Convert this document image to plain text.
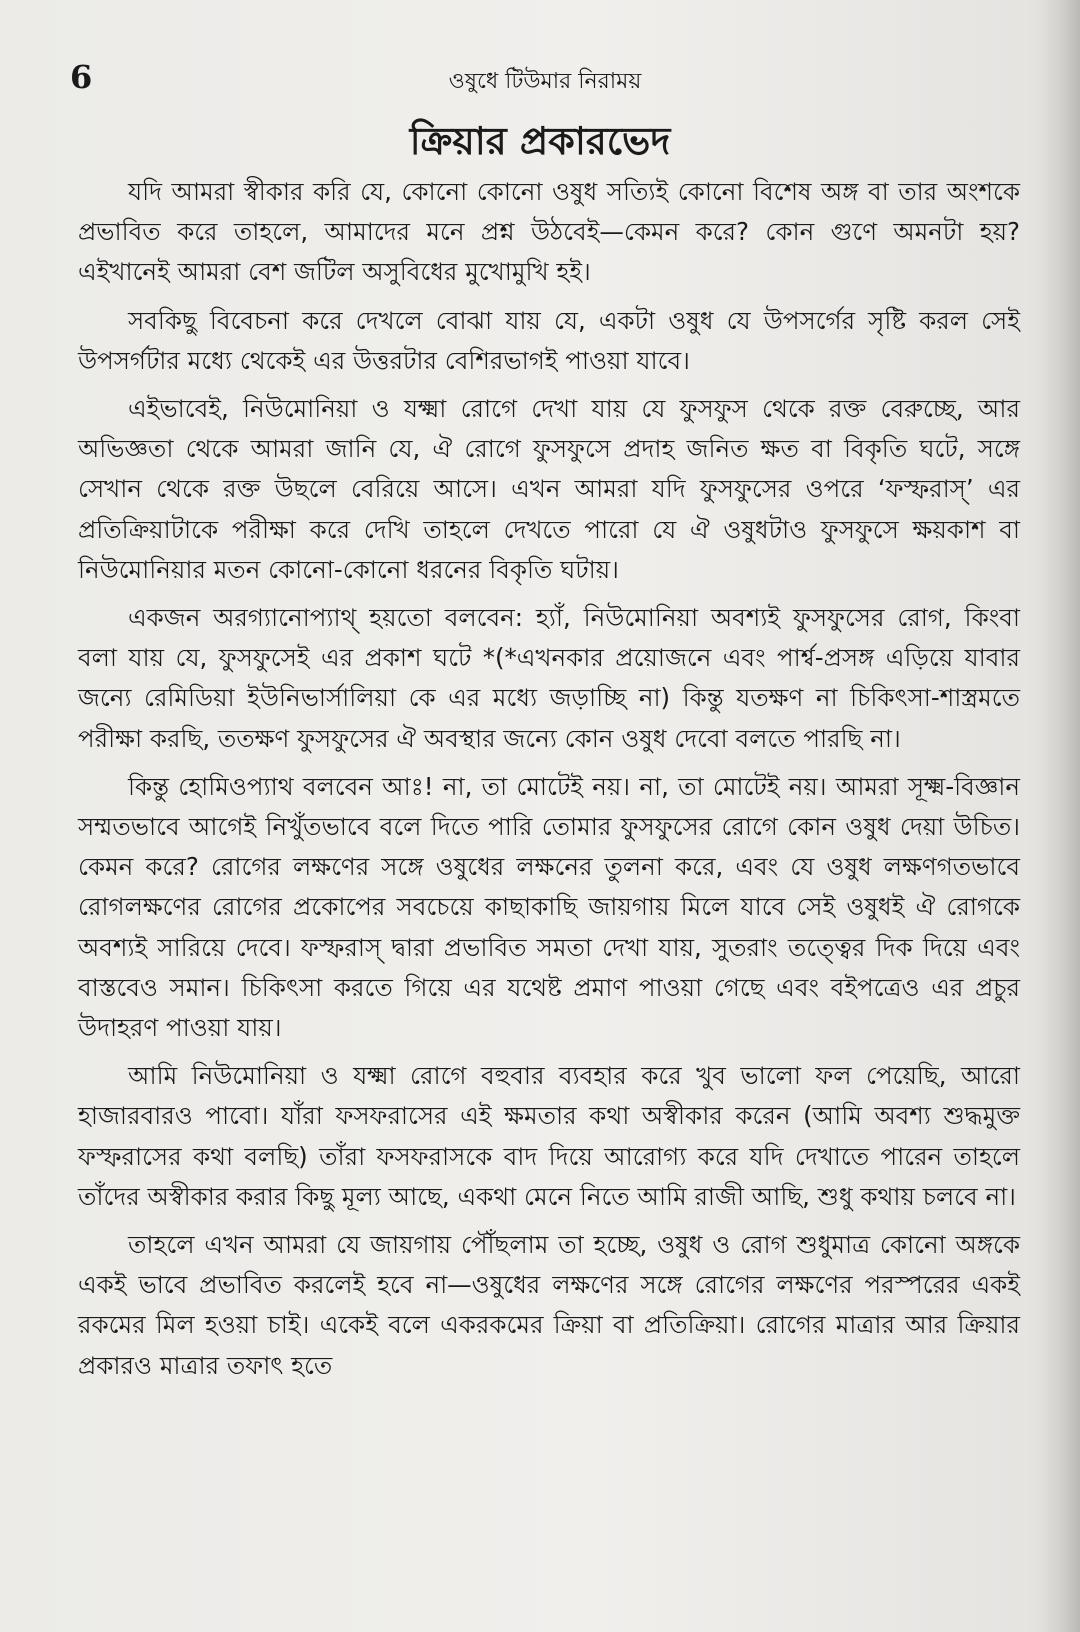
6	ওষুধে টিউমার নিরাময়
ক্রিয়ার প্রকারভেদ

যদি আমরা স্বীকার করি যে, কোনো কোনো ওষুধ সত্যিই কোনো বিশেষ অঙ্গ বা তার অংশকে প্রভাবিত করে তাহলে, আমাদের মনে প্রশ্ন উঠবেই—কেমন করে? কোন গুণে অমনটা হয়? এইখানেই আমরা বেশ জটিল অসুবিধের মুখোমুখি হই।

সবকিছু বিবেচনা করে দেখলে বোঝা যায় যে, একটা ওষুধ যে উপসর্গের সৃষ্টি করল সেই উপসর্গটার মধ্যে থেকেই এর উত্তরটার বেশিরভাগই পাওয়া যাবে।

এইভাবেই, নিউমোনিয়া ও যক্ষ্মা রোগে দেখা যায় যে ফুসফুস থেকে রক্ত বেরুচ্ছে, আর অভিজ্ঞতা থেকে আমরা জানি যে, ঐ রোগে ফুসফুসে প্রদাহ জনিত ক্ষত বা বিকৃতি ঘটে, সঙ্গে সেখান থেকে রক্ত উছলে বেরিয়ে আসে। এখন আমরা যদি ফুসফুসের ওপরে ‘ফস্ফরাস্’ এর প্রতিক্রিয়াটাকে পরীক্ষা করে দেখি তাহলে দেখতে পারো যে ঐ ওষুধটাও ফুসফুসে ক্ষয়কাশ বা নিউমোনিয়ার মতন কোনো-কোনো ধরনের বিকৃতি ঘটায়।

একজন অরগ্যানোপ্যাথ্ হয়তো বলবেন: হ্যাঁ, নিউমোনিয়া অবশ্যই ফুসফুসের রোগ, কিংবা বলা যায় যে, ফুসফুসেই এর প্রকাশ ঘটে *(*এখনকার প্রয়োজনে এবং পার্শ্ব-প্রসঙ্গ এড়িয়ে যাবার জন্যে রেমিডিয়া ইউনিভার্সালিয়া কে এর মধ্যে জড়াচ্ছি না) কিন্তু যতক্ষণ না চিকিৎসা-শাস্ত্রমতে পরীক্ষা করছি, ততক্ষণ ফুসফুসের ঐ অবস্থার জন্যে কোন ওষুধ দেবো বলতে পারছি না।

কিন্তু হোমিওপ্যাথ বলবেন আঃ! না, তা মোটেই নয়। না, তা মোটেই নয়। আমরা সূক্ষ্ম-বিজ্ঞান সম্মতভাবে আগেই নিখুঁতভাবে বলে দিতে পারি তোমার ফুসফুসের রোগে কোন ওষুধ দেয়া উচিত। কেমন করে? রোগের লক্ষণের সঙ্গে ওষুধের লক্ষনের তুলনা করে, এবং যে ওষুধ লক্ষণগতভাবে রোগলক্ষণের রোগের প্রকোপের সবচেয়ে কাছাকাছি জায়গায় মিলে যাবে সেই ওষুধই ঐ রোগকে অবশ্যই সারিয়ে দেবে। ফস্ফরাস্ দ্বারা প্রভাবিত সমতা দেখা যায়, সুতরাং তত্ত্বের দিক দিয়ে এবং বাস্তবেও সমান। চিকিৎসা করতে গিয়ে এর যথেষ্ট প্রমাণ পাওয়া গেছে এবং বইপত্রেও এর প্রচুর উদাহরণ পাওয়া যায়।

আমি নিউমোনিয়া ও যক্ষ্মা রোগে বহুবার ব্যবহার করে খুব ভালো ফল পেয়েছি, আরো হাজারবারও পাবো। যাঁরা ফসফরাসের এই ক্ষমতার কথা অস্বীকার করেন (আমি অবশ্য শুদ্ধমুক্ত ফস্ফরাসের কথা বলছি) তাঁরা ফসফরাসকে বাদ দিয়ে আরোগ্য করে যদি দেখাতে পারেন তাহলে তাঁদের অস্বীকার করার কিছু মূল্য আছে, একথা মেনে নিতে আমি রাজী আছি, শুধু কথায় চলবে না।

তাহলে এখন আমরা যে জায়গায় পৌঁছলাম তা হচ্ছে, ওষুধ ও রোগ শুধুমাত্র কোনো অঙ্গকে একই ভাবে প্রভাবিত করলেই হবে না—ওষুধের লক্ষণের সঙ্গে রোগের লক্ষণের পরস্পরের একই রকমের মিল হওয়া চাই। একেই বলে একরকমের ক্রিয়া বা প্রতিক্রিয়া। রোগের মাত্রার আর ক্রিয়ার প্রকারও মাত্রার তফাৎ হতে
